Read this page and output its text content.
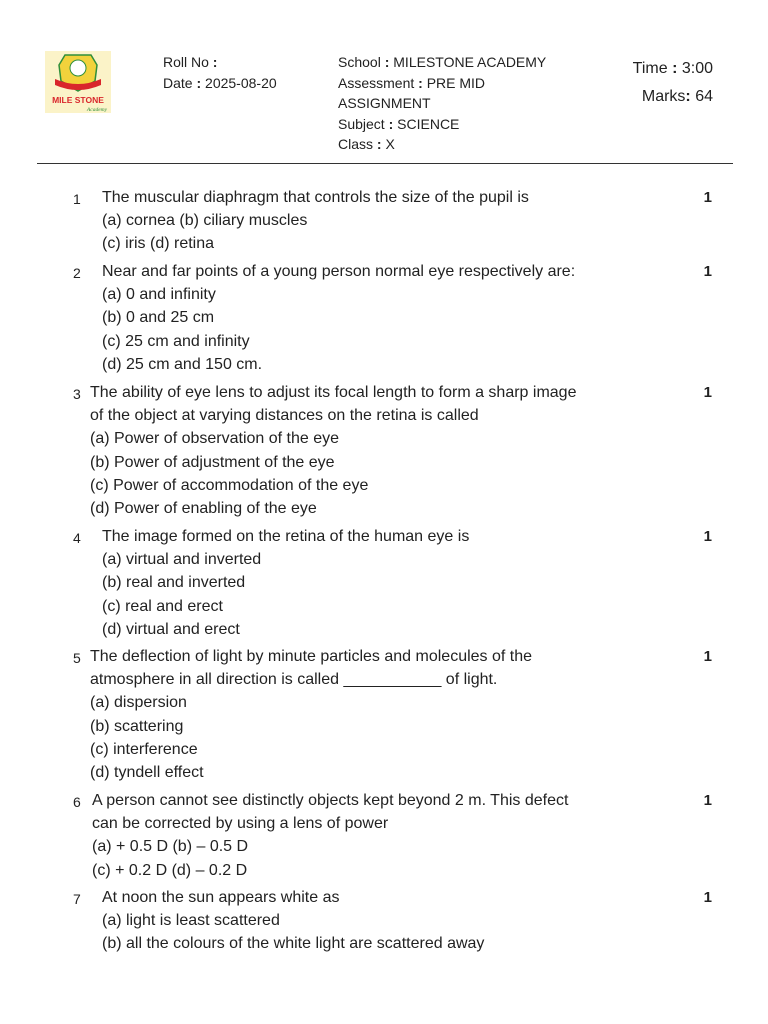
MILE STONE
Academy
Roll No :
Date : 2025-08-20
School : MILESTONE ACADEMY
Assessment : PRE MID
ASSIGNMENT
Subject : SCIENCE
Class : X
Time : 3:00
Marks: 64
1 The muscular diaphragm that controls the size of the pupil is
(a) cornea (b) ciliary muscles
(c) iris (d) retina
1
2 Near and far points of a young person normal eye respectively are:
(a) 0 and infinity
(b) 0 and 25 cm
(c) 25 cm and infinity
(d) 25 cm and 150 cm.
1
3 The ability of eye lens to adjust its focal length to form a sharp image
of the object at varying distances on the retina is called
(a) Power of observation of the eye
(b) Power of adjustment of the eye
(c) Power of accommodation of the eye
(d) Power of enabling of the eye
1
4 The image formed on the retina of the human eye is
(a) virtual and inverted
(b) real and inverted
(c) real and erect
(d) virtual and erect
1
5 The deflection of light by minute particles and molecules of the
atmosphere in all direction is called ___________ of light.
(a) dispersion
(b) scattering
(c) interference
(d) tyndell effect
1
6 A person cannot see distinctly objects kept beyond 2 m. This defect
can be corrected by using a lens of power
(a) + 0.5 D (b) – 0.5 D
(c) + 0.2 D (d) – 0.2 D
1
7 At noon the sun appears white as
(a) light is least scattered
(b) all the colours of the white light are scattered away
1
